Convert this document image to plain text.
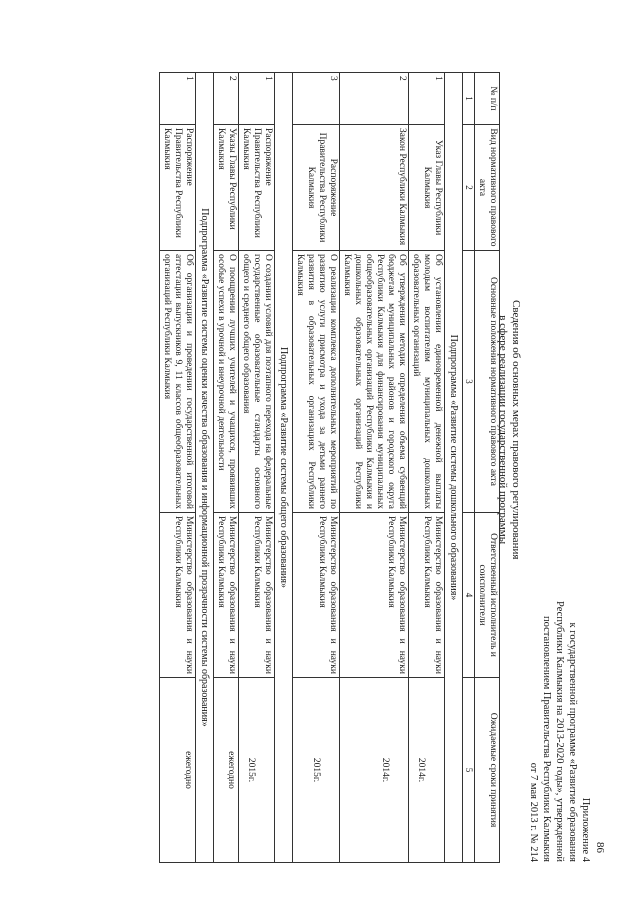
86
Приложение 4
к государственной программе «Развитие образования
Республики Калмыкия на 2013-2020 годы», утвержденной
постановлением Правительства Республики Калмыкия
от 7 мая 2013 г. № 214
Сведения об основных мерах правового регулирования
в сфере реализации государственной программы
№ п/п	Вид нормативного правового акта	Основные положения нормативного правового акта	Ответственный исполнитель и соисполнители	Ожидаемые сроки принятия
1	2	3	4	5
Подпрограмма «Развитие системы дошкольного образования»				
1	Указ Главы Республики Калмыкия	Об установлении единовременной денежной выплаты молодым воспитателям муниципальных дошкольных образовательных организаций	Министерство образования и науки Республики Калмыкия	2014г.
2	Закон Республики Калмыкия	Об утверждении методик определения объема субвенций бюджетам муниципальных районов и городского округа Республики Калмыкия для финансирования муниципальных общеобразовательных организаций Республики Калмыкия и дошкольных образовательных организаций Республики Калмыкия	Министерство образования и науки Республики Калмыкия	2014г.
3	Распоряжение Правительства Республики Калмыкия	О реализации комплекса дополнительных мероприятий по развитию услуги присмотра и ухода за детьми раннего развития в образовательных организациях Республики Калмыкия	Министерство образования и науки Республики Калмыкия	2015г.
Подпрограмма «Развитие системы общего образования»				
1	Распоряжение Правительства Республики Калмыкия	О создании условий для поэтапного перехода на федеральные государственные образовательные стандарты основного общего и среднего общего образования	Министерство образования и науки Республики Калмыкия	2015г.
2	Указы Главы Республики Калмыкия	О поощрении лучших учителей и учащихся, проявивших особые успехи в урочной и внеурочной деятельности	Министерство образования и науки Республики Калмыкия	ежегодно
Подпрограмма «Развитие системы оценки качества образования и информационной прозрачности системы образования»				
1	Распоряжение Правительства Республики Калмыкия	Об организации и проведении государственной итоговой аттестации выпускников 9, 11 классов общеобразовательных организаций Республики Калмыкия	Министерство образования и науки Республики Калмыкия	ежегодно
